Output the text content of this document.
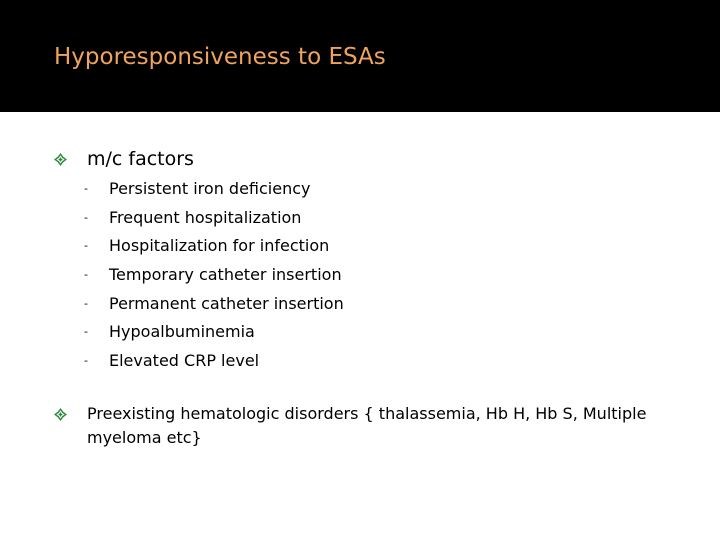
Hyporesponsiveness to ESAs
m/c factors
- Persistent iron deficiency
- Frequent hospitalization
- Hospitalization for infection
- Temporary catheter insertion
- Permanent catheter insertion
- Hypoalbuminemia
- Elevated CRP level
Preexisting hematologic disorders { thalassemia, Hb H, Hb S, Multiple myeloma etc}
